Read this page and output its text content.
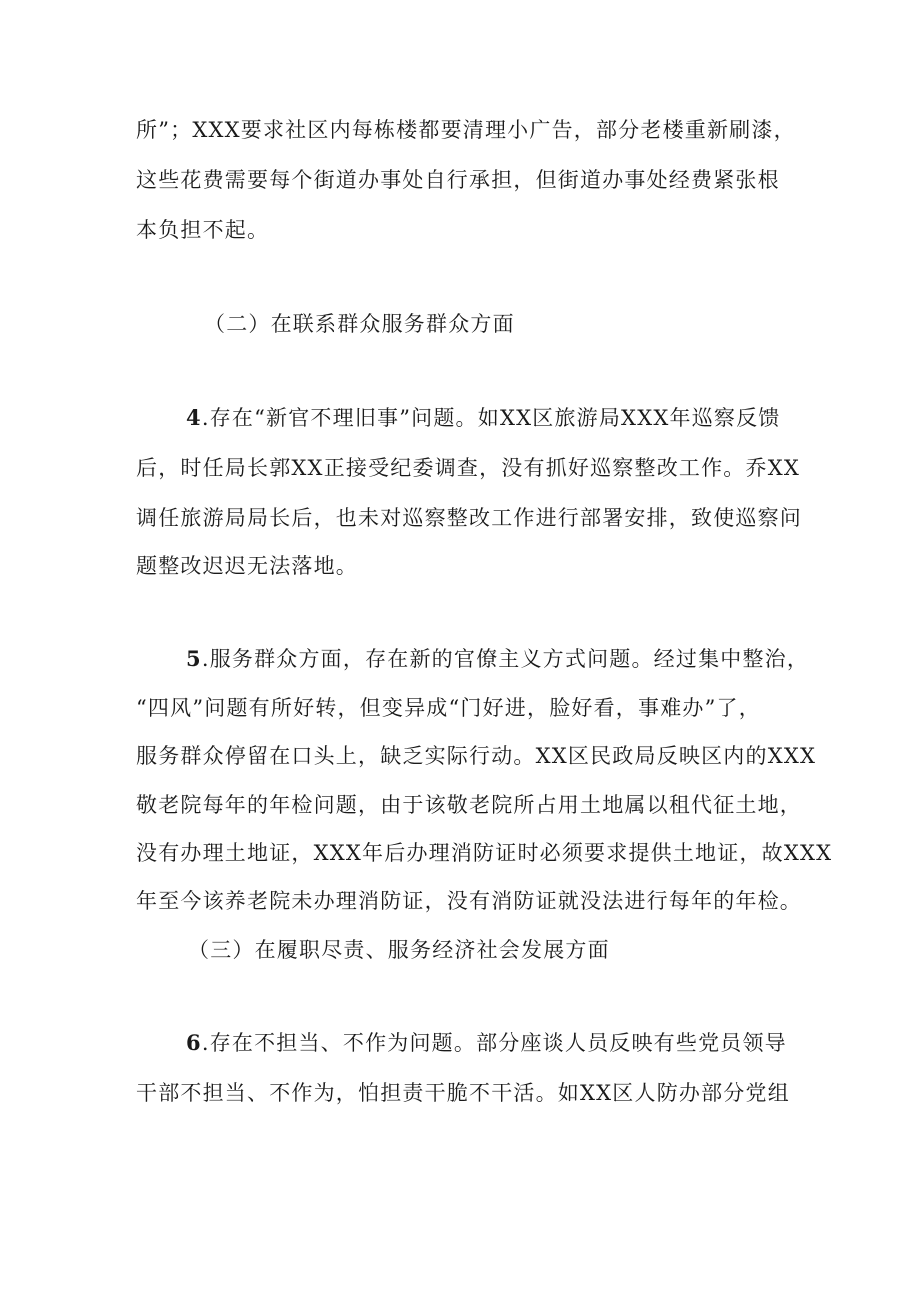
所”；XXX要求社区内每栋楼都要清理小广告，部分老楼重新刷漆，
这些花费需要每个街道办事处自行承担，但街道办事处经费紧张根
本负担不起。
（二）在联系群众服务群众方面
4.存在“新官不理旧事”问题。如XX区旅游局XXX年巡察反馈
后，时任局长郭XX正接受纪委调查，没有抓好巡察整改工作。乔XX
调任旅游局局长后，也未对巡察整改工作进行部署安排，致使巡察问
题整改迟迟无法落地。
5.服务群众方面，存在新的官僚主义方式问题。经过集中整治，
“四风”问题有所好转，但变异成“门好进，脸好看，事难办”了，
服务群众停留在口头上，缺乏实际行动。XX区民政局反映区内的XXX
敬老院每年的年检问题，由于该敬老院所占用土地属以租代征土地，
没有办理土地证，XXX年后办理消防证时必须要求提供土地证，故XXX
年至今该养老院未办理消防证，没有消防证就没法进行每年的年检。
（三）在履职尽责、服务经济社会发展方面
6.存在不担当、不作为问题。部分座谈人员反映有些党员领导
干部不担当、不作为，怕担责干脆不干活。如XX区人防办部分党组
